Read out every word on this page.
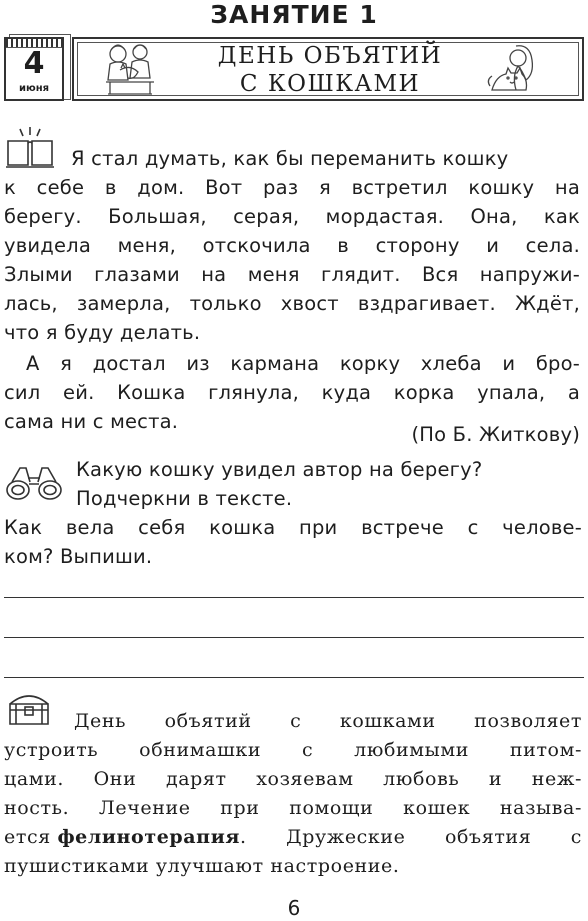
ЗАНЯТИЕ 1
4
июня
ДЕНЬ ОБЪЯТИЙ
С КОШКАМИ
Я стал думать, как бы переманить кошку
к себе в дом. Вот раз я встретил кошку на
берегу. Большая, серая, мордастая. Она, как
увидела меня, отскочила в сторону и села.
Злыми глазами на меня глядит. Вся напружи-
лась, замерла, только хвост вздрагивает. Ждёт,
что я буду делать.
А я достал из кармана корку хлеба и бро-
сил ей. Кошка глянула, куда корка упала, а
сама ни с места.
(По Б. Житкову)
Какую кошку увидел автор на берегу?
Подчеркни в тексте.
Как вела себя кошка при встрече с челове-
ком? Выпиши.
День объятий с кошками позволяет
устроить обнимашки с любимыми питом-
цами. Они дарят хозяевам любовь и неж-
ность. Лечение при помощи кошек называ-
ется фелинотерапия . Дружеские объятия с
пушистиками улучшают настроение.
6
